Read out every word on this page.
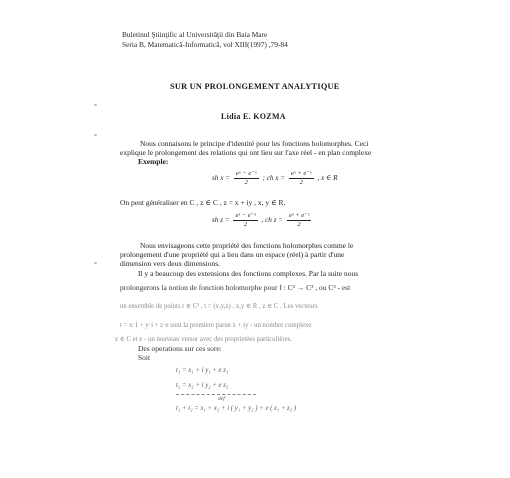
Buletinul Ştiinţific al Universităţii din Baia Mare
Seria B, Matematică-Informatică, vol XIII(1997) ,79-84
SUR UN PROLONGEMENT ANALYTIQUE
Lidia E. KOZMA
Nous connaisons le principe d'identité pour les fonctions holomorphes. Ceci
explique le prolongement des relations qui ont lieu sur l'axe réel - en plan complexe
Exemple:
sh $x = \frac{\text{eˣ − e⁻ˣ}}{2}$ ; ch $x = \frac{\text{eˣ + e⁻ˣ}}{2}$ , x ∈ R
On peut généraliser en C , z ∈ C , z = x + iy , x, y ∈ R.
sh $z = \frac{\text{eᶻ − e⁻ᶻ}}{2}$ , ch $z = \frac{\text{eᶻ + e⁻ᶻ}}{2}$
Nous envisageons cette propriété des fonctions holomorphes comme le
prolongement d'une propriété qui a lieu dans un espace (réel) à partir d'une
dimension vers deux dimensions.
Il y a beaucoup des extensions des fonctions complexes. Par la suite nous
prolongerons la notion de fonction holomorphe pour f : C³ → C³ , ou C³ - est
un ensemble de points t ∈ C³ , t = (x,y,z) , x,y ∈ R , z ∈ C . Les vecteurs
t = x·1 + y·i + z·e sont la premiere parue x + iy - un nombre complexe
z ∈ C et e - un nouveau versor avec des proprietées particulières.
Des operations sur ces sore:
Soit
t₁ = x₁ + i y₁ + e z₁
t₂ = x₂ + i y₂ + e z₂
def
t₁ + t₂ = x₁ + x₂ + i ( y₁ + y₂ ) + e ( z₁ + z₂ )
